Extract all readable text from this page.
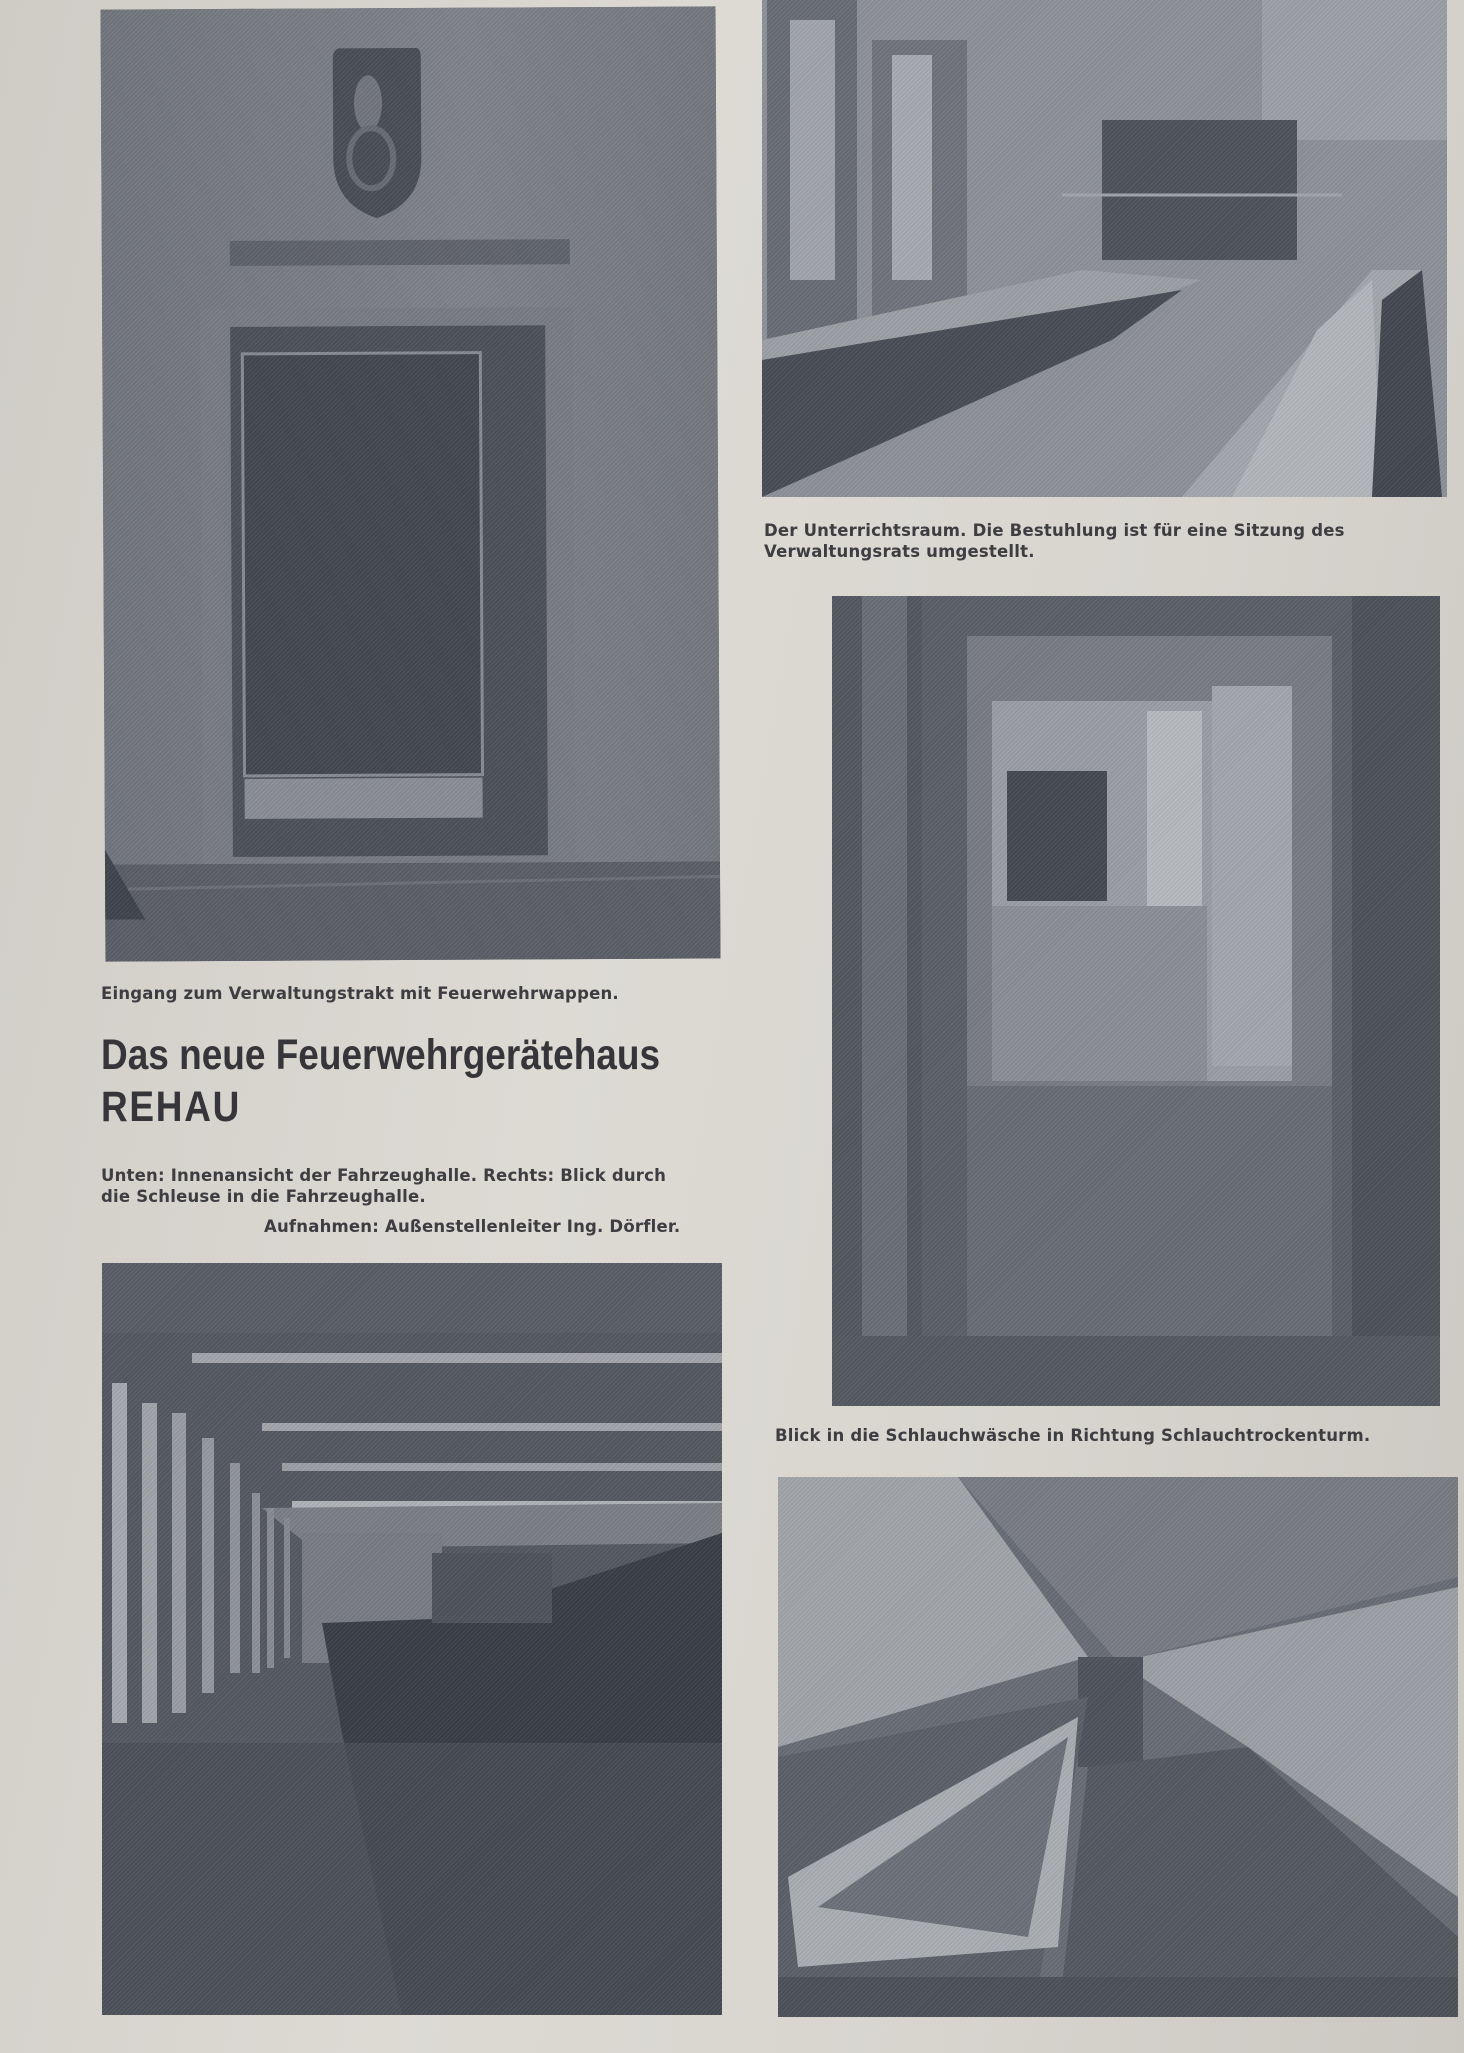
Eingang zum Verwaltungstrakt mit Feuerwehrwappen.
Das neue Feuerwehrgerätehaus
REHAU
Unten: Innenansicht der Fahrzeughalle. Rechts: Blick durch
die Schleuse in die Fahrzeughalle.
Aufnahmen: Außenstellenleiter Ing. Dörfler.
Der Unterrichtsraum. Die Bestuhlung ist für eine Sitzung des
Verwaltungsrats umgestellt.
Blick in die Schlauchwäsche in Richtung Schlauchtrockenturm.
